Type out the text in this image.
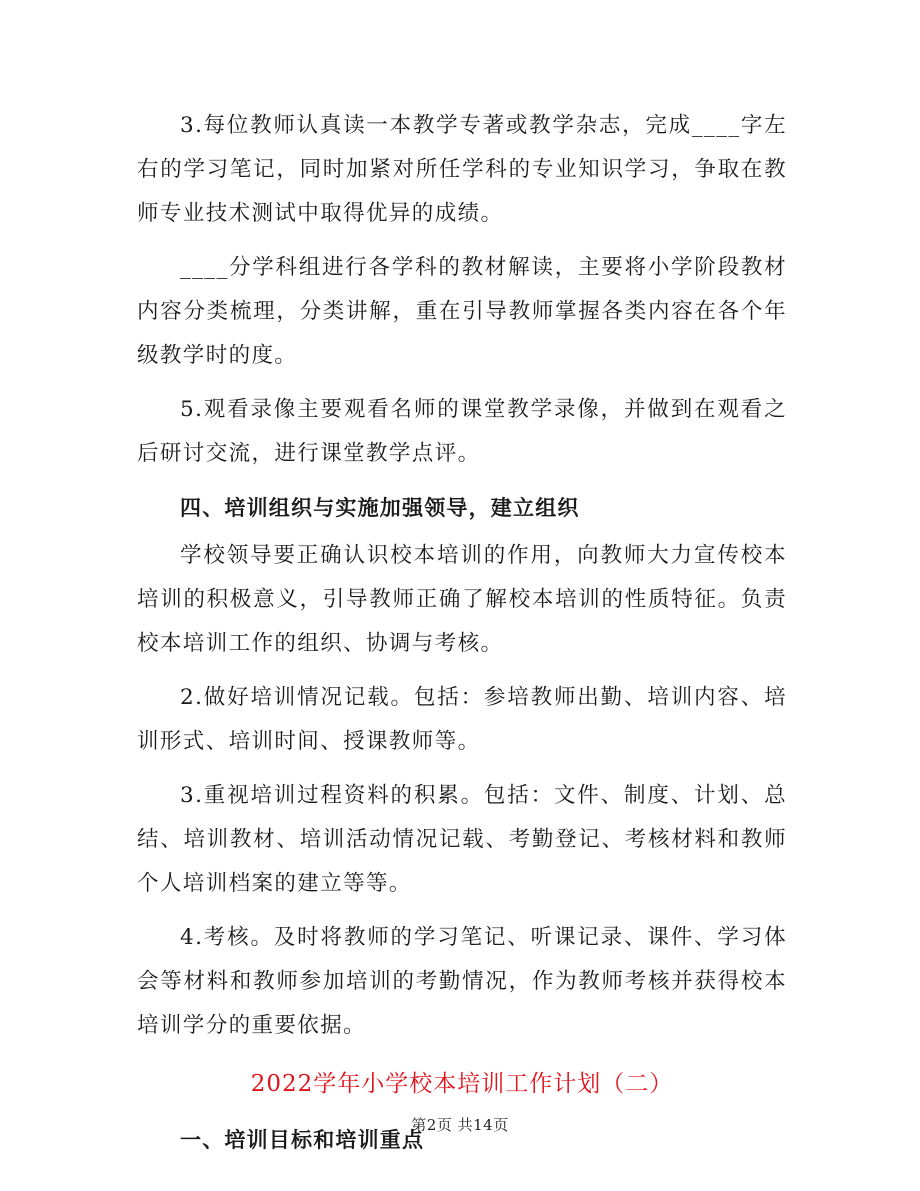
3.每位教师认真读一本教学专著或教学杂志，完成____字左右的学习笔记，同时加紧对所任学科的专业知识学习，争取在教师专业技术测试中取得优异的成绩。

____分学科组进行各学科的教材解读，主要将小学阶段教材内容分类梳理，分类讲解，重在引导教师掌握各类内容在各个年级教学时的度。

5.观看录像主要观看名师的课堂教学录像，并做到在观看之后研讨交流，进行课堂教学点评。

四、培训组织与实施加强领导，建立组织

学校领导要正确认识校本培训的作用，向教师大力宣传校本培训的积极意义，引导教师正确了解校本培训的性质特征。负责校本培训工作的组织、协调与考核。

2.做好培训情况记载。包括：参培教师出勤、培训内容、培训形式、培训时间、授课教师等。

3.重视培训过程资料的积累。包括：文件、制度、计划、总结、培训教材、培训活动情况记载、考勤登记、考核材料和教师个人培训档案的建立等等。

4.考核。及时将教师的学习笔记、听课记录、课件、学习体会等材料和教师参加培训的考勤情况，作为教师考核并获得校本培训学分的重要依据。

2022学年小学校本培训工作计划（二）

一、培训目标和培训重点

第2页 共14页
